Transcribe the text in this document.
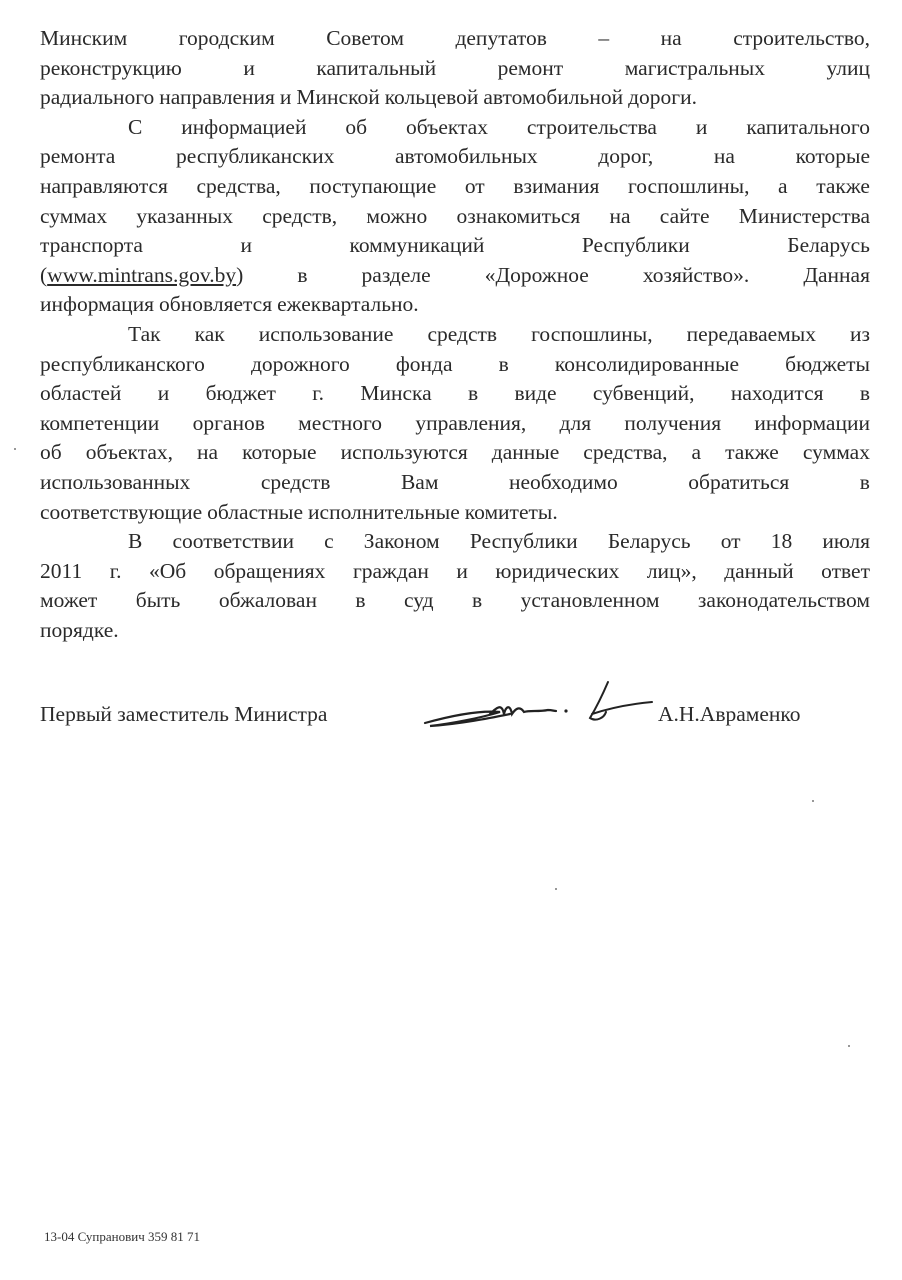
Минским городским Советом депутатов – на строительство,
реконструкцию	и	капитальный	ремонт	магистральных	улиц
радиального направления и Минской кольцевой автомобильной дороги.
С информацией об объектах строительства и капитального
ремонта	республиканских	автомобильных	дорог,	на	которые
направляются средства, поступающие от взимания госпошлины, а также
суммах указанных средств, можно ознакомиться на сайте Министерства
транспорта	и	коммуникаций	Республики	Беларусь
(www.mintrans.gov.by)	в	разделе	«Дорожное	хозяйство».	Данная
информация обновляется ежеквартально.
Так как использование средств госпошлины, передаваемых из
республиканского дорожного фонда в консолидированные бюджеты
областей и бюджет г. Минска в виде субвенций, находится в
компетенции органов местного управления, для получения информации
об объектах, на которые используются данные средства, а также суммах
использованных	средств	Вам	необходимо	обратиться	в
соответствующие областные исполнительные комитеты.
В соответствии с Законом Республики Беларусь от 18 июля
2011 г. «Об обращениях граждан и юридических лиц», данный ответ
может быть обжалован в суд в установленном законодательством
порядке.
Первый заместитель Министра	А.Н.Авраменко
13-04 Супранович 359 81 71
